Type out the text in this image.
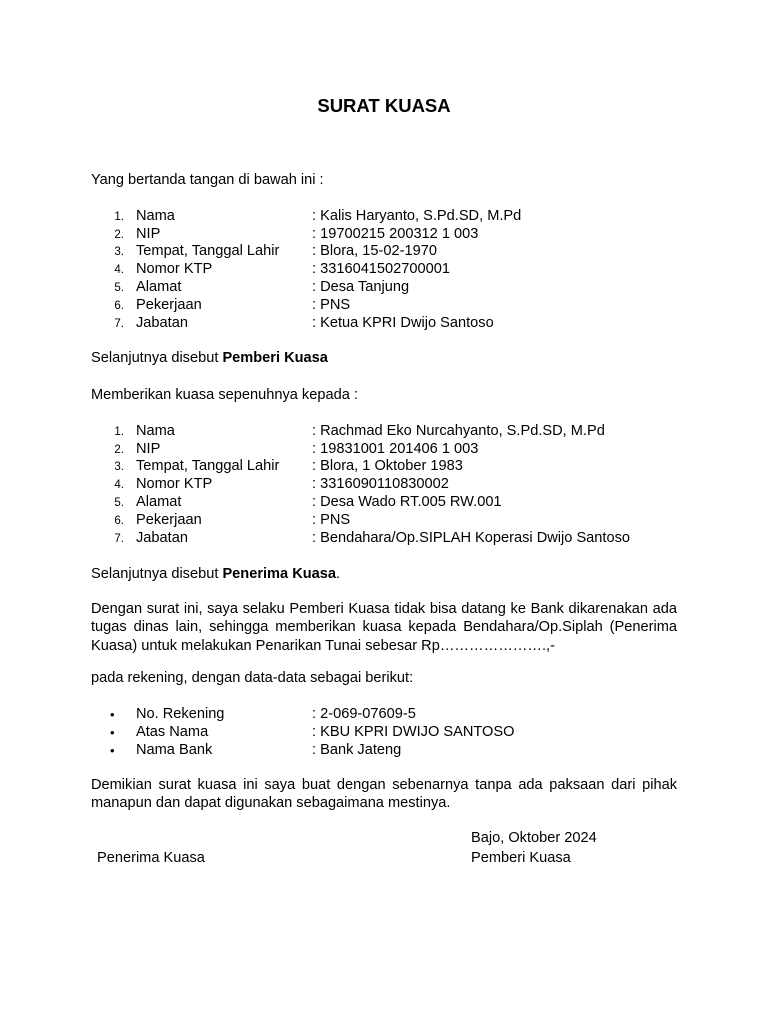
SURAT KUASA
Yang bertanda tangan di bawah ini :
1. Nama	: Kalis Haryanto, S.Pd.SD, M.Pd
2. NIP	: 19700215 200312 1 003
3. Tempat, Tanggal Lahir : Blora, 15-02-1970
4. Nomor KTP	: 3316041502700001
5. Alamat	: Desa Tanjung
6. Pekerjaan	: PNS
7. Jabatan	: Ketua KPRI Dwijo Santoso
Selanjutnya disebut Pemberi Kuasa
Memberikan kuasa sepenuhnya kepada :
1. Nama	: Rachmad Eko Nurcahyanto, S.Pd.SD, M.Pd
2. NIP	: 19831001 201406 1 003
3. Tempat, Tanggal Lahir : Blora, 1 Oktober 1983
4. Nomor KTP	: 3316090110830002
5. Alamat	: Desa Wado RT.005 RW.001
6. Pekerjaan	: PNS
7. Jabatan	: Bendahara/Op.SIPLAH Koperasi Dwijo Santoso
Selanjutnya disebut Penerima Kuasa.
Dengan surat ini, saya selaku Pemberi Kuasa tidak bisa datang ke Bank dikarenakan ada tugas dinas lain, sehingga memberikan kuasa kepada Bendahara/Op.Siplah (Penerima Kuasa) untuk melakukan Penarikan Tunai sebesar Rp………………….,-
pada rekening, dengan data-data sebagai berikut:
• No. Rekening	: 2-069-07609-5
• Atas Nama	: KBU KPRI DWIJO SANTOSO
• Nama Bank	: Bank Jateng
Demikian surat kuasa ini saya buat dengan sebenarnya tanpa ada paksaan dari pihak manapun dan dapat digunakan sebagaimana mestinya.
Bajo, Oktober 2024
Penerima Kuasa	Pemberi Kuasa
